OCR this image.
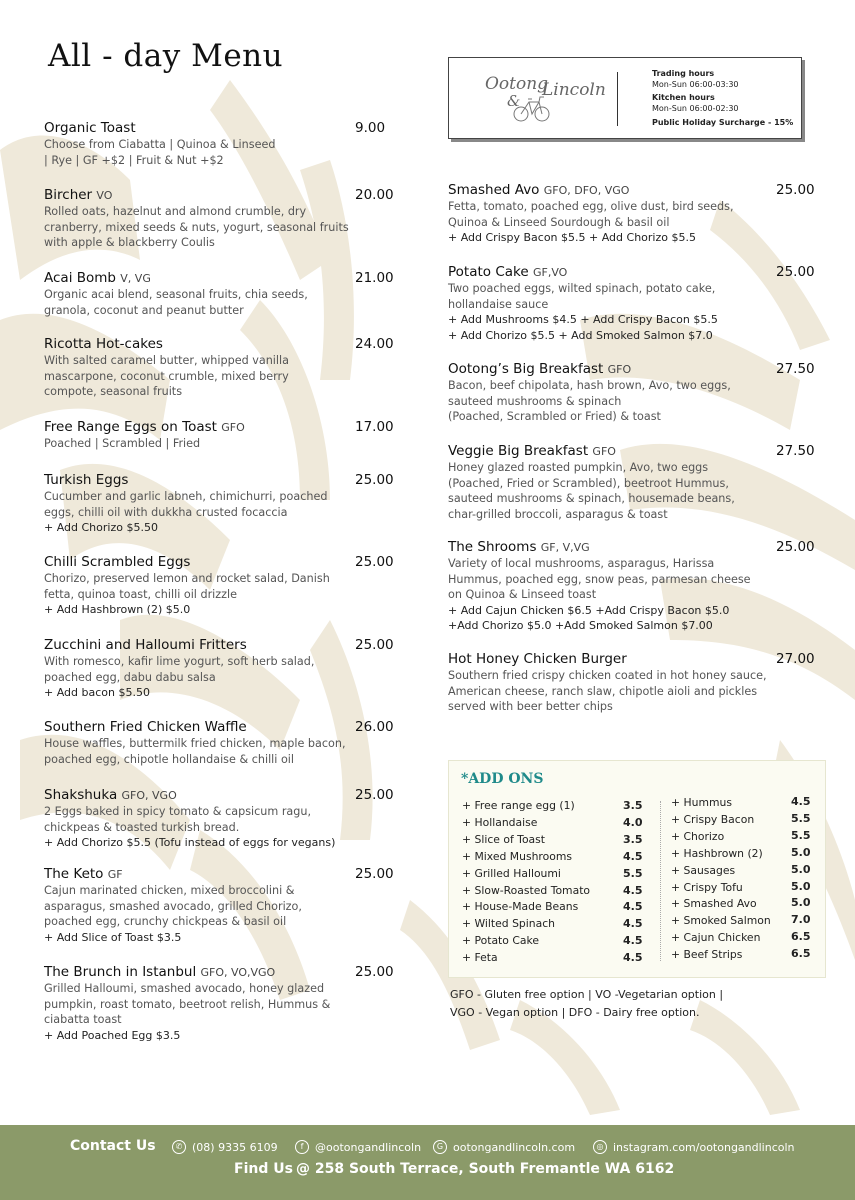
All - day Menu
Ootong
&
Lincoln
Trading hours
Mon-Sun 06:00-03:30
Kitchen hours
Mon-Sun 06:00-02:30
Public Holiday Surcharge - 15%
Organic Toast
Choose from Ciabatta | Quinoa & Linseed
| Rye | GF +$2 | Fruit & Nut +$2
9.00
Bircher VO
Rolled oats, hazelnut and almond crumble, dry
cranberry, mixed seeds & nuts, yogurt, seasonal fruits
with apple & blackberry Coulis
20.00
Acai Bomb V, VG
Organic acai blend, seasonal fruits, chia seeds,
granola, coconut and peanut butter
21.00
Ricotta Hot-cakes
With salted caramel butter, whipped vanilla
mascarpone, coconut crumble, mixed berry
compote, seasonal fruits
24.00
Free Range Eggs on Toast GFO
Poached | Scrambled | Fried
17.00
Turkish Eggs
Cucumber and garlic labneh, chimichurri, poached
eggs, chilli oil with dukkha crusted focaccia
+ Add Chorizo $5.50
25.00
Chilli Scrambled Eggs
Chorizo, preserved lemon and rocket salad, Danish
fetta, quinoa toast, chilli oil drizzle
+ Add Hashbrown (2) $5.0
25.00
Zucchini and Halloumi Fritters
With romesco, kafir lime yogurt, soft herb salad,
poached egg, dabu dabu salsa
+ Add bacon $5.50
25.00
Southern Fried Chicken Waffle
House waffles, buttermilk fried chicken, maple bacon,
poached egg, chipotle hollandaise & chilli oil
26.00
Shakshuka GFO, VGO
2 Eggs baked in spicy tomato & capsicum ragu,
chickpeas & toasted turkish bread.
+ Add Chorizo $5.5 (Tofu instead of eggs for vegans)
25.00
The Keto GF
Cajun marinated chicken, mixed broccolini &
asparagus, smashed avocado, grilled Chorizo,
poached egg, crunchy chickpeas & basil oil
+ Add Slice of Toast $3.5
25.00
The Brunch in Istanbul GFO, VO,VGO
Grilled Halloumi, smashed avocado, honey glazed
pumpkin, roast tomato, beetroot relish, Hummus &
ciabatta toast
+ Add Poached Egg $3.5
25.00
Smashed Avo GFO, DFO, VGO
Fetta, tomato, poached egg, olive dust, bird seeds,
Quinoa & Linseed Sourdough & basil oil
+ Add Crispy Bacon $5.5 + Add Chorizo $5.5
25.00
Potato Cake GF,VO
Two poached eggs, wilted spinach, potato cake,
hollandaise sauce
+ Add Mushrooms $4.5 + Add Crispy Bacon $5.5
+ Add Chorizo $5.5 + Add Smoked Salmon $7.0
25.00
Ootong’s Big Breakfast GFO
Bacon, beef chipolata, hash brown, Avo, two eggs,
sauteed mushrooms & spinach
(Poached, Scrambled or Fried) & toast
27.50
Veggie Big Breakfast GFO
Honey glazed roasted pumpkin, Avo, two eggs
(Poached, Fried or Scrambled), beetroot Hummus,
sauteed mushrooms & spinach, housemade beans,
char-grilled broccoli, asparagus & toast
27.50
The Shrooms GF, V,VG
Variety of local mushrooms, asparagus, Harissa
Hummus, poached egg, snow peas, parmesan cheese
on Quinoa & Linseed toast
+ Add Cajun Chicken $6.5 +Add Crispy Bacon $5.0
+Add Chorizo $5.0 +Add Smoked Salmon $7.00
25.00
Hot Honey Chicken Burger
Southern fried crispy chicken coated in hot honey sauce,
American cheese, ranch slaw, chipotle aioli and pickles
served with beer better chips
27.00
*ADD ONS
+ Free range egg (1)	3.5
+ Hollandaise	4.0
+ Slice of Toast	3.5
+ Mixed Mushrooms	4.5
+ Grilled Halloumi	5.5
+ Slow-Roasted Tomato	4.5
+ House-Made Beans	4.5
+ Wilted Spinach	4.5
+ Potato Cake	4.5
+ Feta	4.5
+ Hummus	4.5
+ Crispy Bacon	5.5
+ Chorizo	5.5
+ Hashbrown (2)	5.0
+ Sausages	5.0
+ Crispy Tofu	5.0
+ Smashed Avo	5.0
+ Smoked Salmon 7.0
+ Cajun Chicken	6.5
+ Beef Strips	6.5
GFO - Gluten free option | VO -Vegetarian option |
VGO - Vegan option | DFO - Dairy free option.
Contact Us	✆ (08) 9335 6109	f	@ootongandlincoln	G ootongandlincoln.com	◎ instagram.com/ootongandlincoln
Find Us @ 258 South Terrace, South Fremantle WA 6162
